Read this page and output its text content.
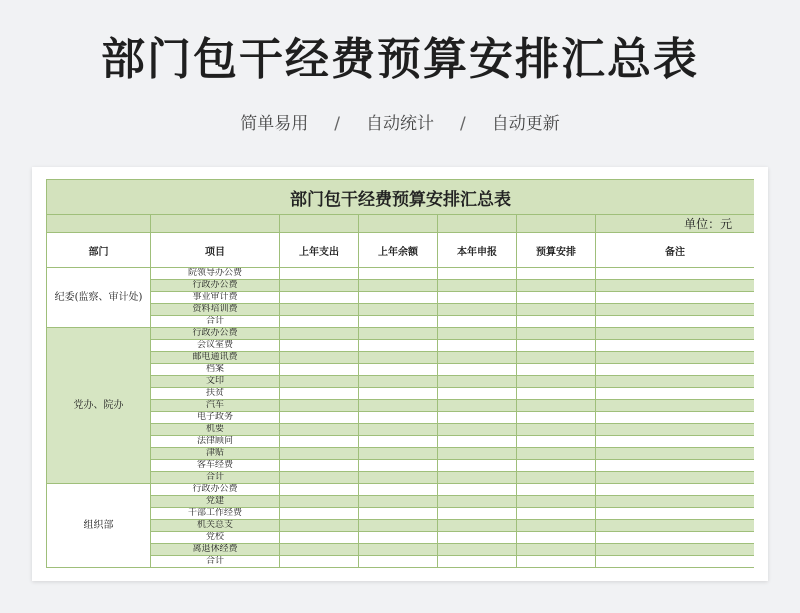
部门包干经费预算安排汇总表
简单易用 / 自动统计 / 自动更新
部门包干经费预算安排汇总表						
						单位：元
部门	项目	上年支出	上年余额	本年申报	预算安排	备注
纪委(监察、审计处)	院领导办公费					
	行政办公费					
	事业审计费					
	资料培训费					
	合计					
党办、院办	行政办公费					
	会议室费					
	邮电通讯费					
	档案					
	文印					
	扶贫					
	汽车					
	电子政务					
	机要					
	法律顾问					
	津贴					
	客车经费					
	合计					
组织部	行政办公费					
	党建					
	干部工作经费					
	机关总支					
	党校					
	离退休经费					
	合计					
